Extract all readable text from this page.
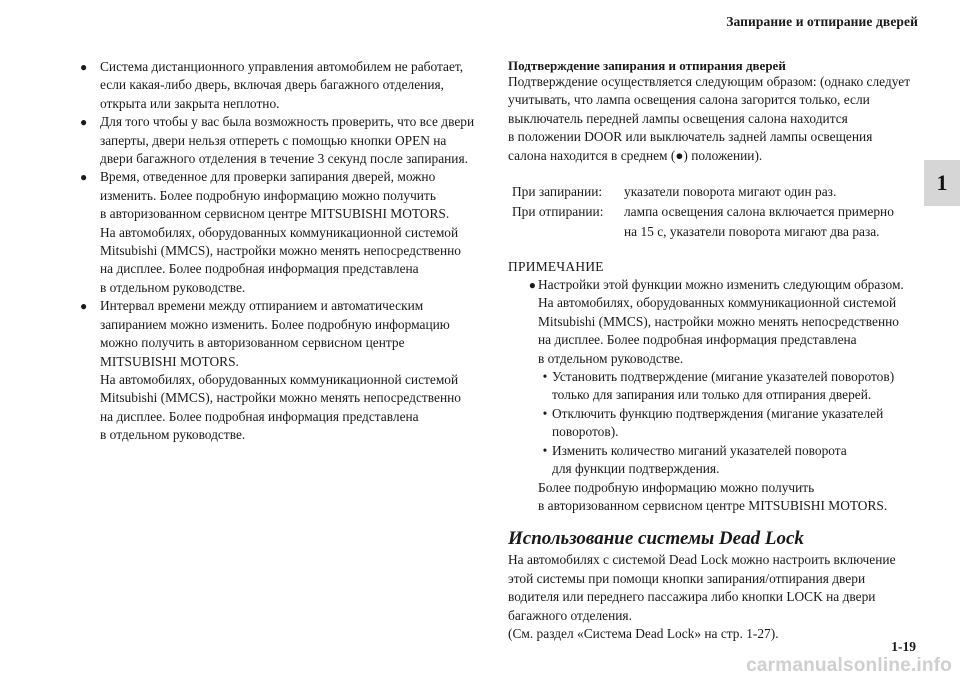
Запирание и отпирание дверей
1
● Система дистанционного управления автомобилем не работает,
если какая-либо дверь, включая дверь багажного отделения,
открыта или закрыта неплотно.
● Для того чтобы у вас была возможность проверить, что все двери
заперты, двери нельзя отпереть с помощью кнопки OPEN на
двери багажного отделения в течение 3 секунд после запирания.
● Время, отведенное для проверки запирания дверей, можно
изменить. Более подробную информацию можно получить
в авторизованном сервисном центре MITSUBISHI MOTORS.
На автомобилях, оборудованных коммуникационной системой
Mitsubishi (MMCS), настройки можно менять непосредственно
на дисплее. Более подробная информация представлена
в отдельном руководстве.
● Интервал времени между отпиранием и автоматическим
запиранием можно изменить. Более подробную информацию
можно получить в авторизованном сервисном центре
MITSUBISHI MOTORS.
На автомобилях, оборудованных коммуникационной системой
Mitsubishi (MMCS), настройки можно менять непосредственно
на дисплее. Более подробная информация представлена
в отдельном руководстве.
Подтверждение запирания и отпирания дверей
Подтверждение осуществляется следующим образом: (однако следует
учитывать, что лампа освещения салона загорится только, если
выключатель передней лампы освещения салона находится
в положении DOOR или выключатель задней лампы освещения
салона находится в среднем (●) положении).
При запирании:	указатели поворота мигают один раз.
При отпирании:	лампа освещения салона включается примерно
на 15 с, указатели поворота мигают два раза.
ПРИМЕЧАНИЕ
● Настройки этой функции можно изменить следующим образом.
На автомобилях, оборудованных коммуникационной системой
Mitsubishi (MMCS), настройки можно менять непосредственно
на дисплее. Более подробная информация представлена
в отдельном руководстве.
• Установить подтверждение (мигание указателей поворотов)
только для запирания или только для отпирания дверей.
• Отключить функцию подтверждения (мигание указателей
поворотов).
• Изменить количество миганий указателей поворота
для функции подтверждения.
Более подробную информацию можно получить
в авторизованном сервисном центре MITSUBISHI MOTORS.
Использование системы Dead Lock
На автомобилях с системой Dead Lock можно настроить включение
этой системы при помощи кнопки запирания/отпирания двери
водителя или переднего пассажира либо кнопки LOCK на двери
багажного отделения.
(См. раздел «Система Dead Lock» на стр. 1-27).
1-19
carmanualsonline.info
